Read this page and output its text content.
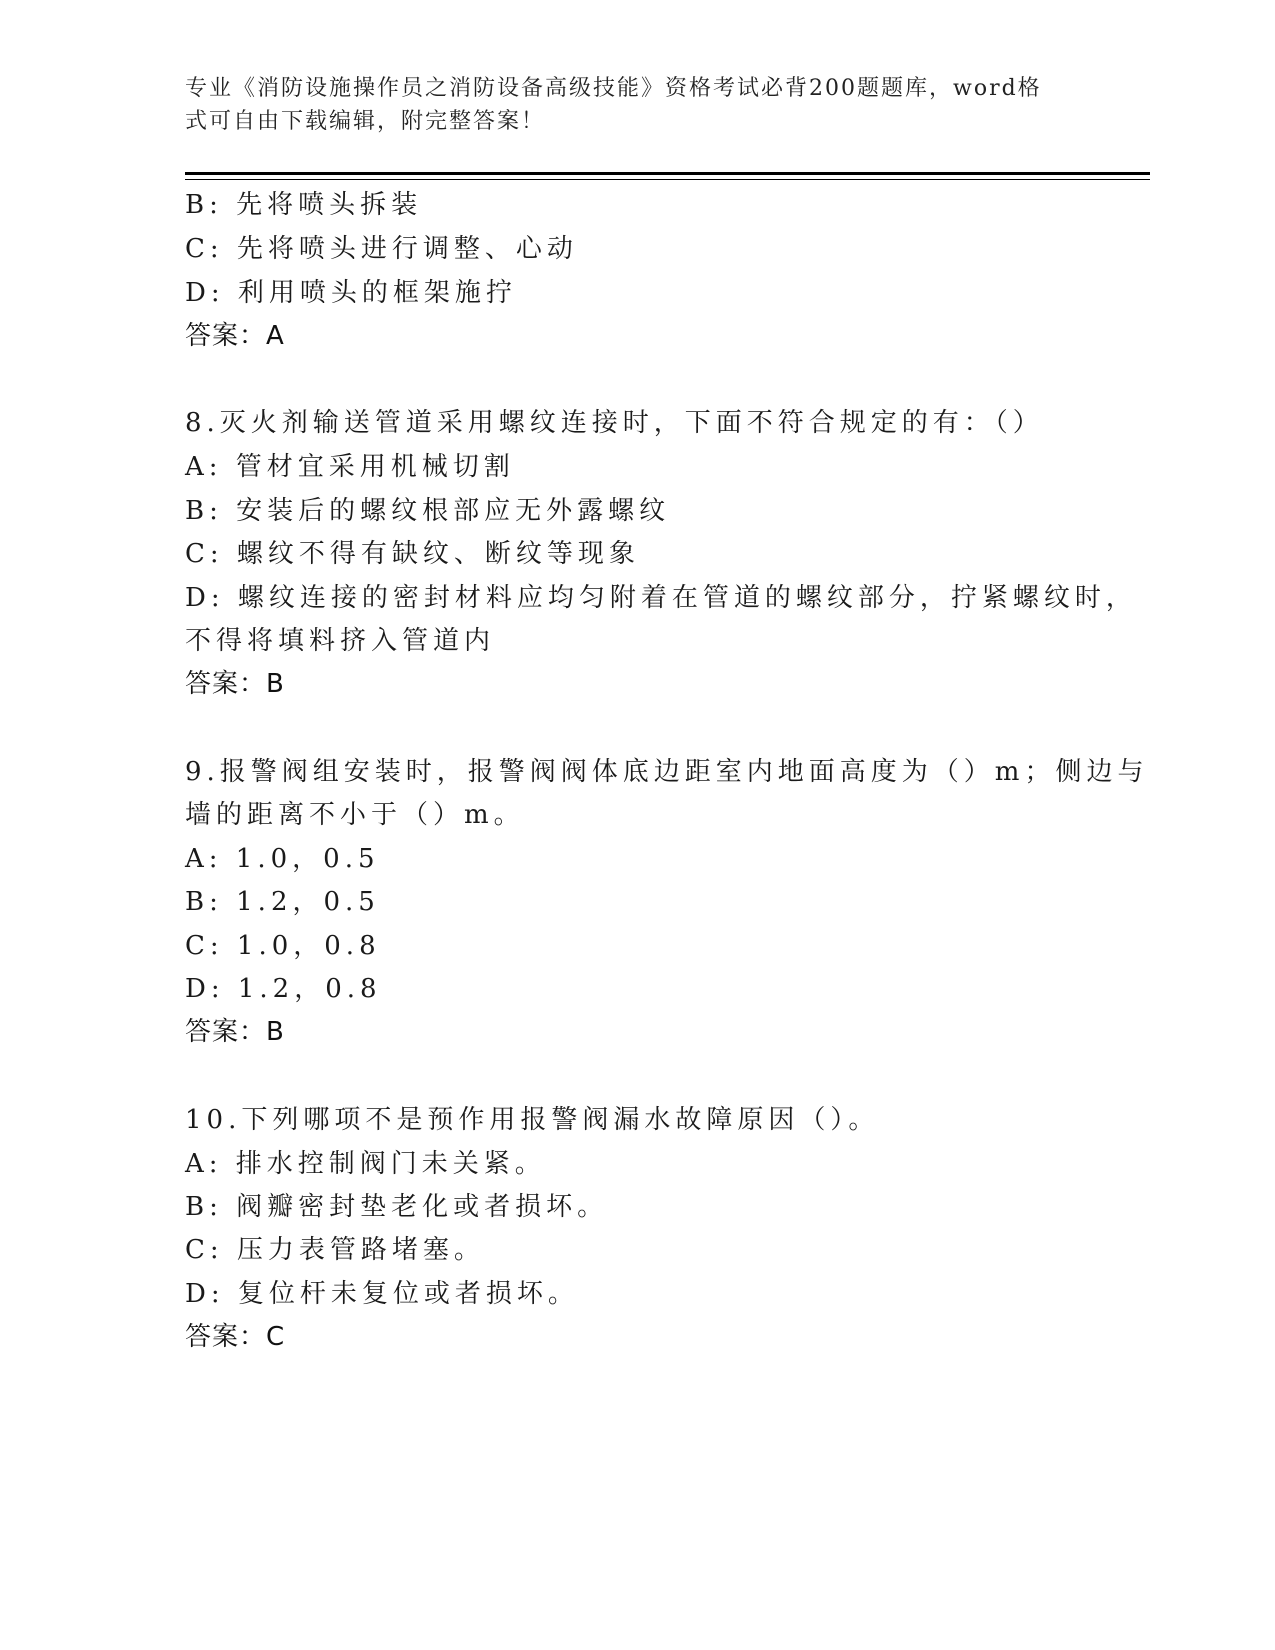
专业《消防设施操作员之消防设备高级技能》资格考试必背200题题库，word格
式可自由下载编辑，附完整答案！
B: 先将喷头拆装
C: 先将喷头进行调整、心动
D: 利用喷头的框架施拧
答案：A
8.灭火剂输送管道采用螺纹连接时，下面不符合规定的有：（）
A: 管材宜采用机械切割
B: 安装后的螺纹根部应无外露螺纹
C: 螺纹不得有缺纹、断纹等现象
D: 螺纹连接的密封材料应均匀附着在管道的螺纹部分，拧紧螺纹时，
不得将填料挤入管道内
答案：B
9.报警阀组安装时，报警阀阀体底边距室内地面高度为（）m；侧边与
墙的距离不小于（）m。
A: 1.0，0.5
B: 1.2，0.5
C: 1.0，0.8
D: 1.2，0.8
答案：B
10.下列哪项不是预作用报警阀漏水故障原因（）。
A: 排水控制阀门未关紧。
B: 阀瓣密封垫老化或者损坏。
C: 压力表管路堵塞。
D: 复位杆未复位或者损坏。
答案：C
